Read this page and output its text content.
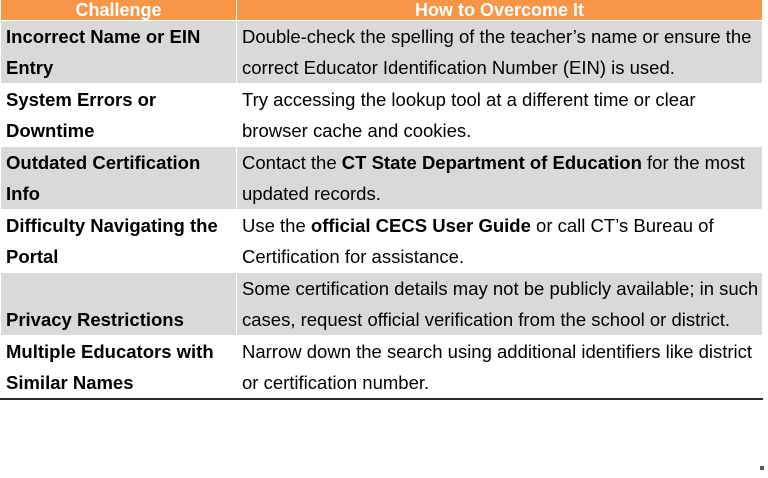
Challenge	How to Overcome It
Incorrect Name or EIN Entry	Double-check the spelling of the teacher’s name or ensure the correct Educator Identification Number (EIN) is used.
System Errors or Downtime	Try accessing the lookup tool at a different time or clear browser cache and cookies.
Outdated Certification Info	Contact the CT State Department of Education for the most updated records.
Difficulty Navigating the Portal	Use the official CECS User Guide or call CT’s Bureau of Certification for assistance.
Privacy Restrictions	Some certification details may not be publicly available; in such cases, request official verification from the school or district.
Multiple Educators with Similar Names	Narrow down the search using additional identifiers like district or certification number.
